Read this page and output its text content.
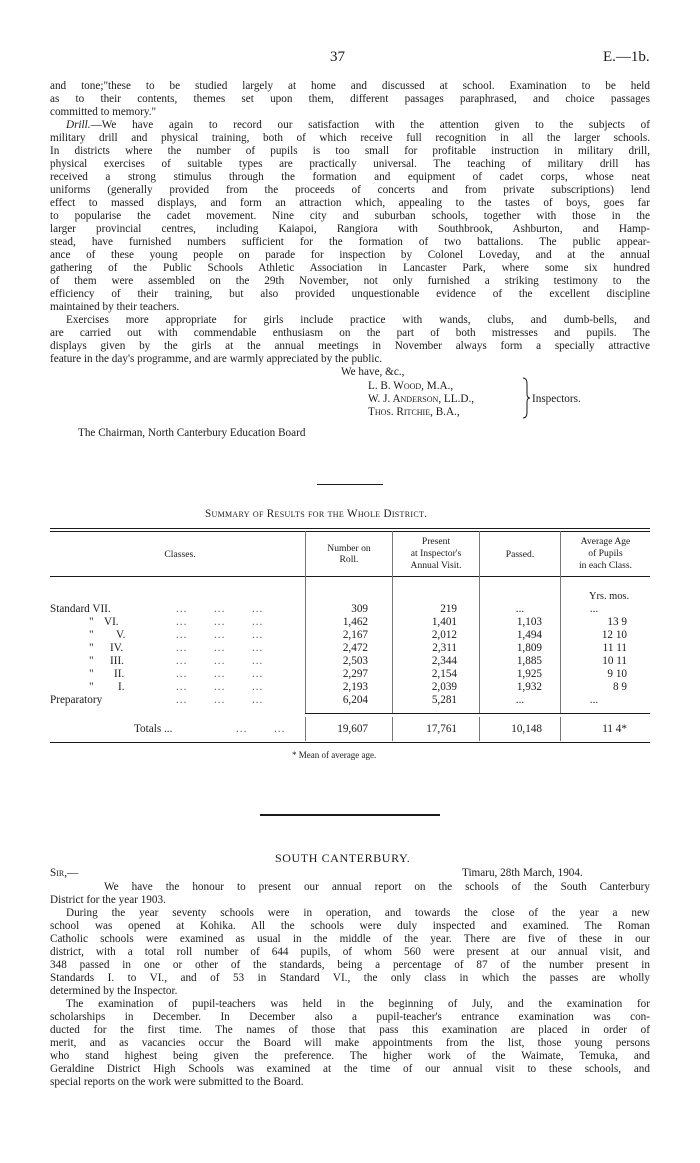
37	E.—1b.
and tone;"these to be studied largely at home and discussed at school. Examination to be held
as to their contents, themes set upon them, different passages paraphrased, and choice passages
committed to memory."
Drill.—We have again to record our satisfaction with the attention given to the subjects of
military drill and physical training, both of which receive full recognition in all the larger schools.
In districts where the number of pupils is too small for profitable instruction in military drill,
physical exercises of suitable types are practically universal. The teaching of military drill has
received a strong stimulus through the formation and equipment of cadet corps, whose neat
uniforms (generally provided from the proceeds of concerts and from private subscriptions) lend
effect to massed displays, and form an attraction which, appealing to the tastes of boys, goes far
to popularise the cadet movement. Nine city and suburban schools, together with those in the
larger provincial centres, including Kaiapoi, Rangiora with Southbrook, Ashburton, and Hamp-
stead, have furnished numbers sufficient for the formation of two battalions. The public appear-
ance of these young people on parade for inspection by Colonel Loveday, and at the annual
gathering of the Public Schools Athletic Association in Lancaster Park, where some six hundred
of them were assembled on the 29th November, not only furnished a striking testimony to the
efficiency of their training, but also provided unquestionable evidence of the excellent discipline
maintained by their teachers.
Exercises more appropriate for girls include practice with wands, clubs, and dumb-bells, and
are carried out with commendable enthusiasm on the part of both mistresses and pupils. The
displays given by the girls at the annual meetings in November always form a specially attractive
feature in the day's programme, and are warmly appreciated by the public.
We have, &c.,
L. B. Wood, M.A.,
W. J. Anderson, LL.D.,
Thos. Ritchie, B.A.,
Inspectors.
The Chairman, North Canterbury Education Board
Summary of Results for the Whole District.
Classes.
Number on
Roll.
Present
at Inspector's
Annual Visit.
Passed.
Average Age
of Pupils
in each Class.
Yrs. mos.
Standard VII.	...       ...       ...	309	219	...	...
" VI.	...       ...       ...	1,462	1,401	1,103	13 9
" V.	...       ...       ...	2,167	2,012	1,494	12 10
" IV.	...       ...       ...	2,472	2,311	1,809	11 11
" III.	...       ...       ...	2,503	2,344	1,885	10 11
" II.	...       ...       ...	2,297	2,154	1,925	9 10
" I.	...       ...       ...	2,193	2,039	1,932	8 9
Preparatory	...       ...       ...	6,204	5,281	...	...
Totals ...	...       ...	19,607	17,761	10,148	11 4*
* Mean of average age.
SOUTH CANTERBURY.
Sir,—	Timaru, 28th March, 1904.
We have the honour to present our annual report on the schools of the South Canterbury
District for the year 1903.
During the year seventy schools were in operation, and towards the close of the year a new
school was opened at Kohika. All the schools were duly inspected and examined. The Roman
Catholic schools were examined as usual in the middle of the year. There are five of these in our
district, with a total roll number of 644 pupils, of whom 560 were present at our annual visit, and
348 passed in one or other of the standards, being a percentage of 87 of the number present in
Standards I. to VI., and of 53 in Standard VI., the only class in which the passes are wholly
determined by the Inspector.
The examination of pupil-teachers was held in the beginning of July, and the examination for
scholarships in December. In December also a pupil-teacher's entrance examination was con-
ducted for the first time. The names of those that pass this examination are placed in order of
merit, and as vacancies occur the Board will make appointments from the list, those young persons
who stand highest being given the preference. The higher work of the Waimate, Temuka, and
Geraldine District High Schools was examined at the time of our annual visit to these schools, and
special reports on the work were submitted to the Board.
